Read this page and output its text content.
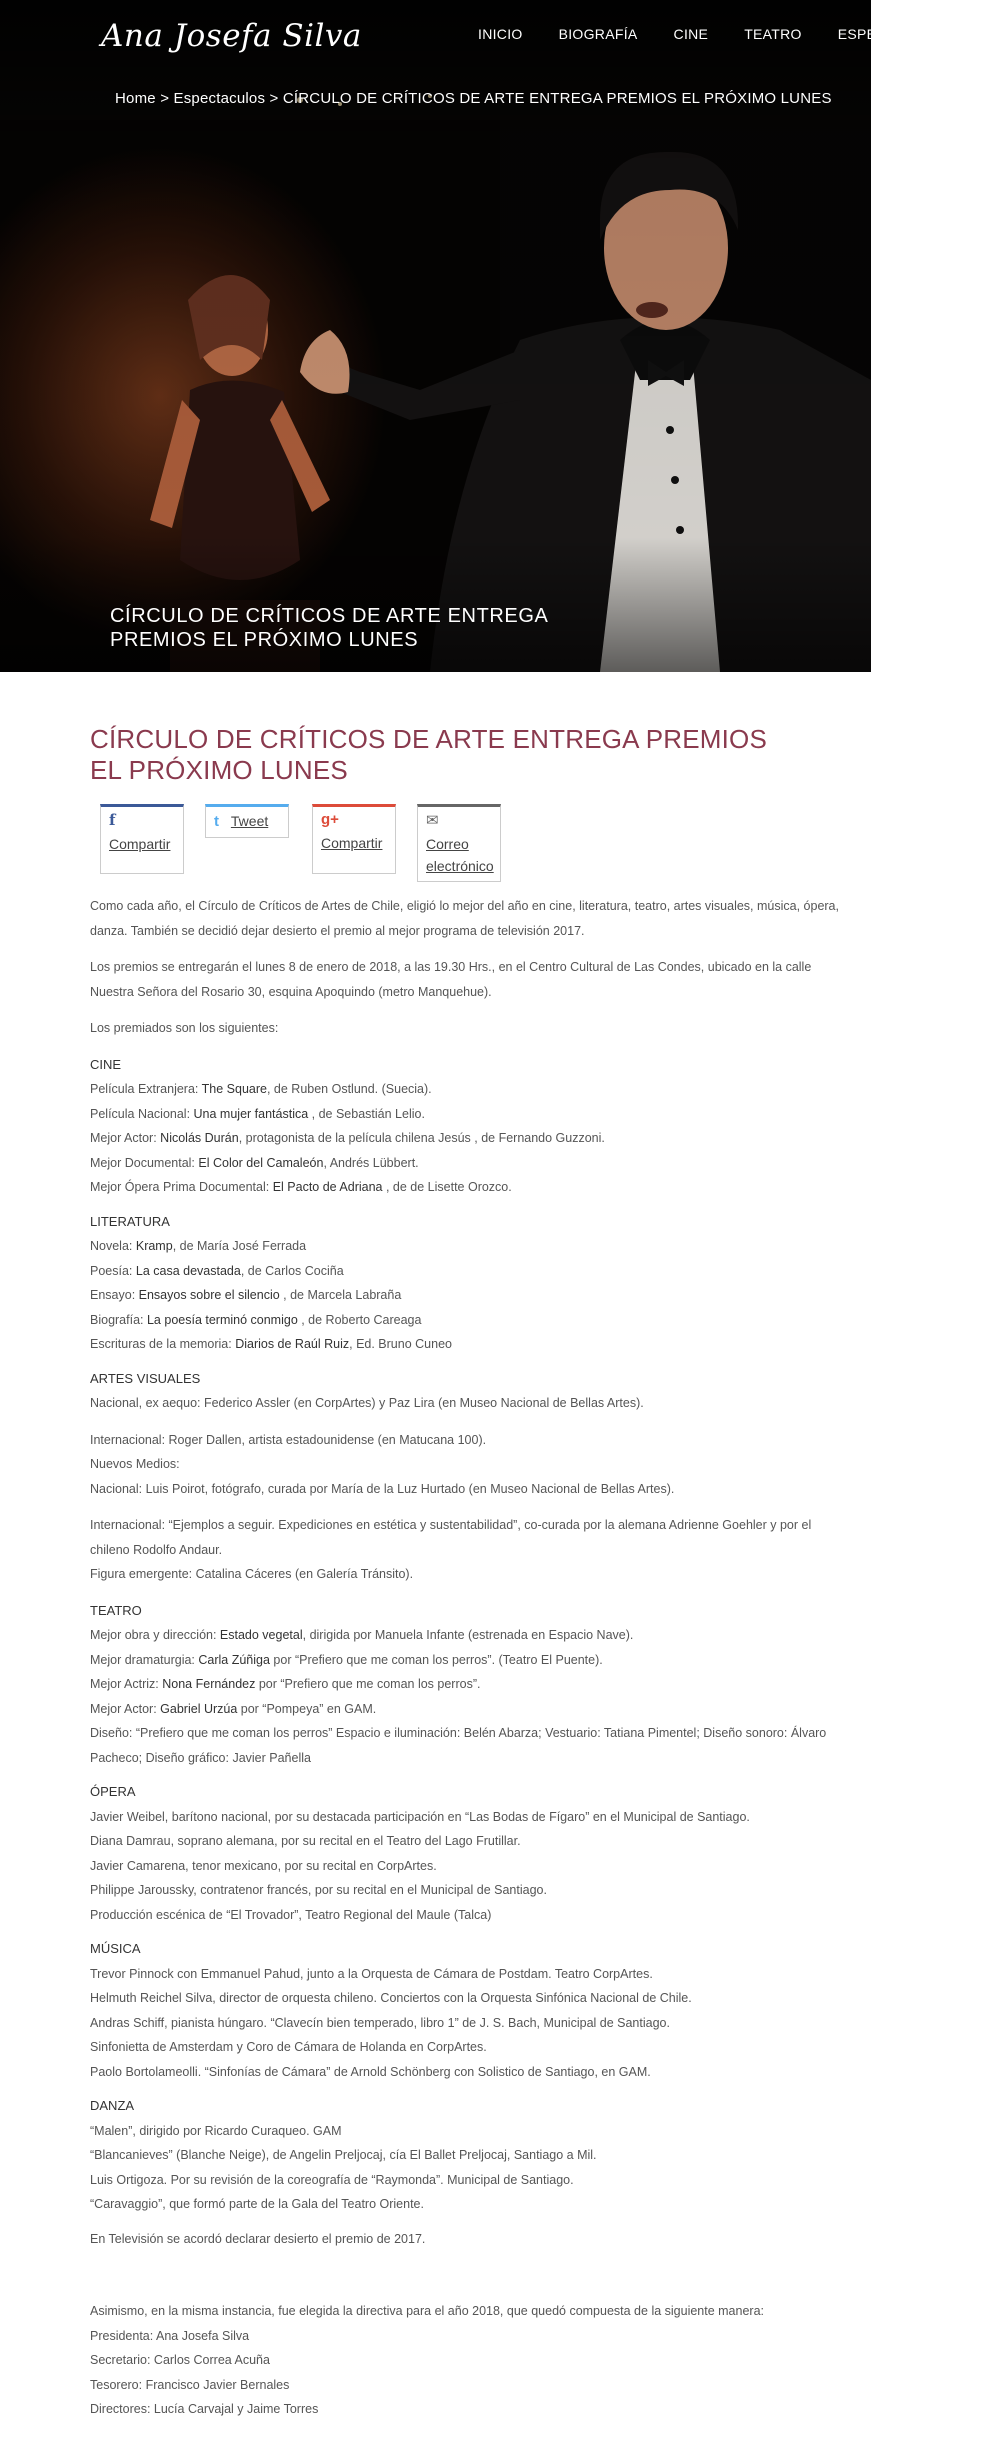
Ana Josefa Silva	INICIO	BIOGRAFÍA	CINE	TEATRO	ESPECTÁCULOS
Home > Espectaculos > CÍRCULO DE CRÍTICOS DE ARTE ENTREGA PREMIOS EL PRÓXIMO LUNES
CÍRCULO DE CRÍTICOS DE ARTE ENTREGA
PREMIOS EL PRÓXIMO LUNES
CÍRCULO DE CRÍTICOS DE ARTE ENTREGA PREMIOS EL PRÓXIMO LUNES
f
Compartir
t Tweet	g+
Compartir
✉
Correo
electrónico

Como cada año, el Círculo de Críticos de Artes de Chile, eligió lo mejor del año en cine, literatura, teatro, artes visuales, música, ópera, danza. También se decidió dejar desierto el premio al mejor programa de televisión 2017.

Los premios se entregarán el lunes 8 de enero de 2018, a las 19.30 Hrs., en el Centro Cultural de Las Condes, ubicado en la calle Nuestra Señora del Rosario 30, esquina Apoquindo (metro Manquehue).

Los premiados son los siguientes:

CINE
Película Extranjera: The Square, de Ruben Ostlund. (Suecia).
Película Nacional: Una mujer fantástica , de Sebastián Lelio.
Mejor Actor: Nicolás Durán, protagonista de la película chilena Jesús , de Fernando Guzzoni.
Mejor Documental: El Color del Camaleón, Andrés Lübbert.
Mejor Ópera Prima Documental: El Pacto de Adriana , de de Lisette Orozco.
LITERATURA
Novela: Kramp, de María José Ferrada
Poesía: La casa devastada, de Carlos Cociña
Ensayo: Ensayos sobre el silencio , de Marcela Labraña
Biografía: La poesía terminó conmigo , de Roberto Careaga
Escrituras de la memoria: Diarios de Raúl Ruiz, Ed. Bruno Cuneo
ARTES VISUALES

Nacional, ex aequo: Federico Assler (en CorpArtes) y Paz Lira (en Museo Nacional de Bellas Artes).

Internacional: Roger Dallen, artista estadounidense (en Matucana 100).
Nuevos Medios:
Nacional: Luis Poirot, fotógrafo, curada por María de la Luz Hurtado (en Museo Nacional de Bellas Artes).

Internacional: “Ejemplos a seguir. Expediciones en estética y sustentabilidad”, co-curada por la alemana Adrienne Goehler y por el chileno Rodolfo Andaur.
Figura emergente: Catalina Cáceres (en Galería Tránsito).

TEATRO
Mejor obra y dirección: Estado vegetal, dirigida por Manuela Infante (estrenada en Espacio Nave).
Mejor dramaturgia: Carla Zúñiga por “Prefiero que me coman los perros”. (Teatro El Puente).
Mejor Actriz: Nona Fernández por “Prefiero que me coman los perros”.
Mejor Actor: Gabriel Urzúa por “Pompeya” en GAM.
Diseño: “Prefiero que me coman los perros” Espacio e iluminación: Belén Abarza; Vestuario: Tatiana Pimentel; Diseño sonoro: Álvaro Pacheco; Diseño gráfico: Javier Pañella
ÓPERA
Javier Weibel, barítono nacional, por su destacada participación en “Las Bodas de Fígaro” en el Municipal de Santiago.
Diana Damrau, soprano alemana, por su recital en el Teatro del Lago Frutillar.
Javier Camarena, tenor mexicano, por su recital en CorpArtes.
Philippe Jaroussky, contratenor francés, por su recital en el Municipal de Santiago.
Producción escénica de “El Trovador”, Teatro Regional del Maule (Talca)
MÚSICA
Trevor Pinnock con Emmanuel Pahud, junto a la Orquesta de Cámara de Postdam. Teatro CorpArtes.
Helmuth Reichel Silva, director de orquesta chileno. Conciertos con la Orquesta Sinfónica Nacional de Chile.
Andras Schiff, pianista húngaro. “Clavecín bien temperado, libro 1” de J. S. Bach, Municipal de Santiago.
Sinfonietta de Amsterdam y Coro de Cámara de Holanda en CorpArtes.
Paolo Bortolameolli. “Sinfonías de Cámara” de Arnold Schönberg con Solistico de Santiago, en GAM.
DANZA
“Malen”, dirigido por Ricardo Curaqueo. GAM
“Blancanieves” (Blanche Neige), de Angelin Preljocaj, cía El Ballet Preljocaj, Santiago a Mil.
Luis Ortigoza. Por su revisión de la coreografía de “Raymonda”. Municipal de Santiago.
“Caravaggio”, que formó parte de la Gala del Teatro Oriente.

En Televisión se acordó declarar desierto el premio de 2017.

Asimismo, en la misma instancia, fue elegida la directiva para el año 2018, que quedó compuesta de la siguiente manera:
Presidenta: Ana Josefa Silva
Secretario: Carlos Correa Acuña
Tesorero: Francisco Javier Bernales
Directores: Lucía Carvajal y Jaime Torres
